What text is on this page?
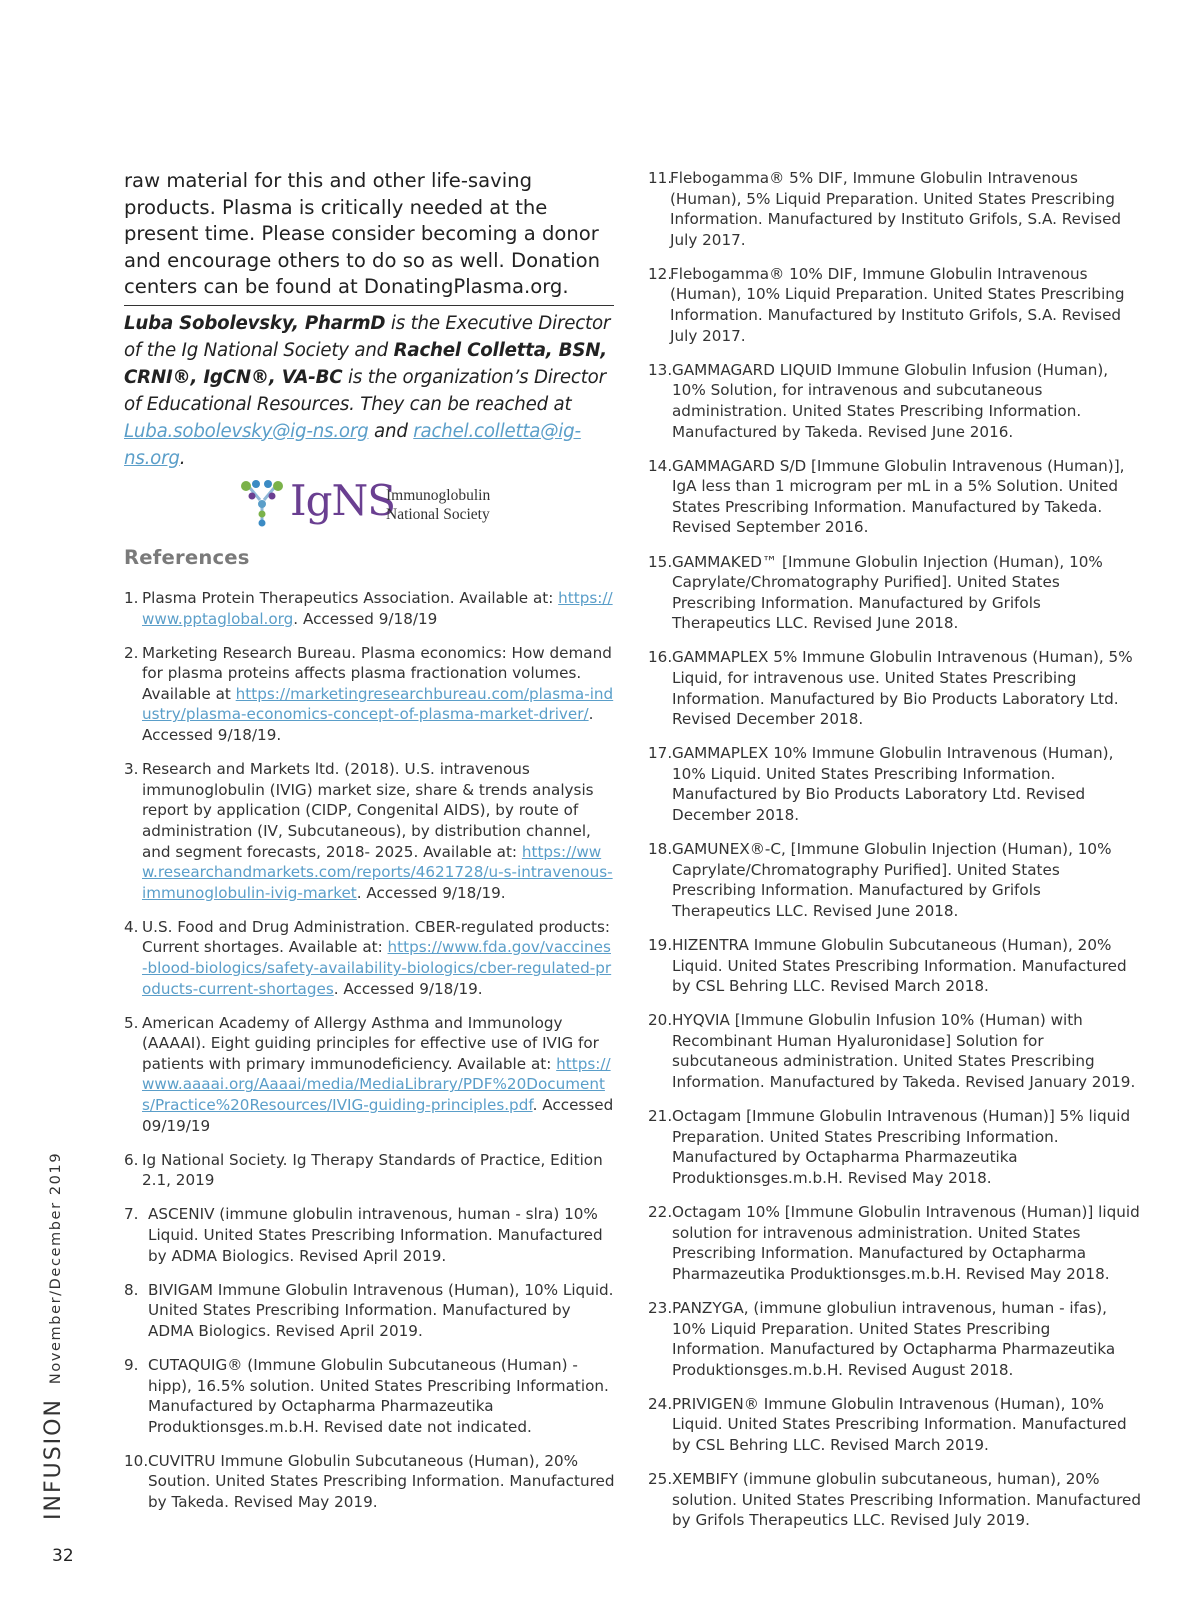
raw material for this and other life-saving products. Plasma is critically needed at the present time. Please consider becoming a donor and encourage others to do so as well. Donation centers can be found at DonatingPlasma.org.

Luba Sobolevsky, PharmD is the Executive Director of the Ig National Society and Rachel Colletta, BSN, CRNI®, IgCN®, VA-BC is the organization’s Director of Educational Resources. They can be reached at Luba.sobolevsky@ig-ns.org and rachel.colletta@ig-ns.org.

IgNS
Immunoglobulin
National Society
References
1. Plasma Protein Therapeutics Association. Available at: https://www.pptaglobal.org. Accessed 9/18/19
2. Marketing Research Bureau. Plasma economics: How demand for plasma proteins affects plasma fractionation volumes. Available at https://marketingresearchbureau.com/plasma-industry/plasma-economics-concept-of-plasma-market-driver/. Accessed 9/18/19.
3. Research and Markets ltd. (2018). U.S. intravenous immunoglobulin (IVIG) market size, share & trends analysis report by application (CIDP, Congenital AIDS), by route of administration (IV, Subcutaneous), by distribution channel, and segment forecasts, 2018- 2025. Available at: https://www.researchandmarkets.com/reports/4621728/u-s-intravenous-immunoglobulin-ivig-market. Accessed 9/18/19.
4. U.S. Food and Drug Administration. CBER-regulated products: Current shortages. Available at: https://www.fda.gov/vaccines-blood-biologics/safety-availability-biologics/cber-regulated-products-current-shortages. Accessed 9/18/19.
5. American Academy of Allergy Asthma and Immunology (AAAAI). Eight guiding principles for effective use of IVIG for patients with primary immunodeficiency. Available at: https://www.aaaai.org/Aaaai/media/MediaLibrary/PDF%20Documents/Practice%20Resources/IVIG-guiding-principles.pdf. Accessed 09/19/19
6. Ig National Society. Ig Therapy Standards of Practice, Edition 2.1, 2019
7. ASCENIV (immune globulin intravenous, human - slra) 10% Liquid. United States Prescribing Information. Manufactured by ADMA Biologics. Revised April 2019.
8. BIVIGAM Immune Globulin Intravenous (Human), 10% Liquid. United States Prescribing Information. Manufactured by ADMA Biologics. Revised April 2019.
9. CUTAQUIG® (Immune Globulin Subcutaneous (Human) - hipp), 16.5% solution. United States Prescribing Information. Manufactured by Octapharma Pharmazeutika Produktionsges.m.b.H. Revised date not indicated.
10. CUVITRU Immune Globulin Subcutaneous (Human), 20% Soution. United States Prescribing Information. Manufactured by Takeda. Revised May 2019.
11.
Flebogamma® 5% DIF, Immune Globulin Intravenous (Human), 5% Liquid Preparation. United States Prescribing Information. Manufactured by Instituto Grifols, S.A. Revised July 2017.
12.
Flebogamma® 10% DIF, Immune Globulin Intravenous (Human), 10% Liquid Preparation. United States Prescribing Information. Manufactured by Instituto Grifols, S.A. Revised July 2017.
13. GAMMAGARD LIQUID Immune Globulin Infusion (Human), 10% Solution, for intravenous and subcutaneous administration. United States Prescribing Information. Manufactured by Takeda. Revised June 2016.
14. GAMMAGARD S/D [Immune Globulin Intravenous (Human)], IgA less than 1 microgram per mL in a 5% Solution. United States Prescribing Information. Manufactured by Takeda. Revised September 2016.
15. GAMMAKED™ [Immune Globulin Injection (Human), 10% Caprylate/Chromatography Purified]. United States Prescribing Information. Manufactured by Grifols Therapeutics LLC. Revised June 2018.
16. GAMMAPLEX 5% Immune Globulin Intravenous (Human), 5% Liquid, for intravenous use. United States Prescribing Information. Manufactured by Bio Products Laboratory Ltd. Revised December 2018.
17. GAMMAPLEX 10% Immune Globulin Intravenous (Human), 10% Liquid. United States Prescribing Information. Manufactured by Bio Products Laboratory Ltd. Revised December 2018.
18. GAMUNEX®-C, [Immune Globulin Injection (Human), 10% Caprylate/Chromatography Purified]. United States Prescribing Information. Manufactured by Grifols Therapeutics LLC. Revised June 2018.
19. HIZENTRA Immune Globulin Subcutaneous (Human), 20% Liquid. United States Prescribing Information. Manufactured by CSL Behring LLC. Revised March 2018.
20. HYQVIA [Immune Globulin Infusion 10% (Human) with Recombinant Human Hyaluronidase] Solution for subcutaneous administration. United States Prescribing Information. Manufactured by Takeda. Revised January 2019.
21. Octagam [Immune Globulin Intravenous (Human)] 5% liquid Preparation. United States Prescribing Information. Manufactured by Octapharma Pharmazeutika Produktionsges.m.b.H. Revised May 2018.
22. Octagam 10% [Immune Globulin Intravenous (Human)] liquid solution for intravenous administration. United States Prescribing Information. Manufactured by Octapharma Pharmazeutika Produktionsges.m.b.H. Revised May 2018.
23. PANZYGA, (immune globuliun intravenous, human - ifas), 10% Liquid Preparation. United States Prescribing Information. Manufactured by Octapharma Pharmazeutika Produktionsges.m.b.H. Revised August 2018.
24. PRIVIGEN® Immune Globulin Intravenous (Human), 10% Liquid. United States Prescribing Information. Manufactured by CSL Behring LLC. Revised March 2019.
25. XEMBIFY (immune globulin subcutaneous, human), 20% solution. United States Prescribing Information. Manufactured by Grifols Therapeutics LLC. Revised July 2019.
INFUSIONNovember/December 2019
32
